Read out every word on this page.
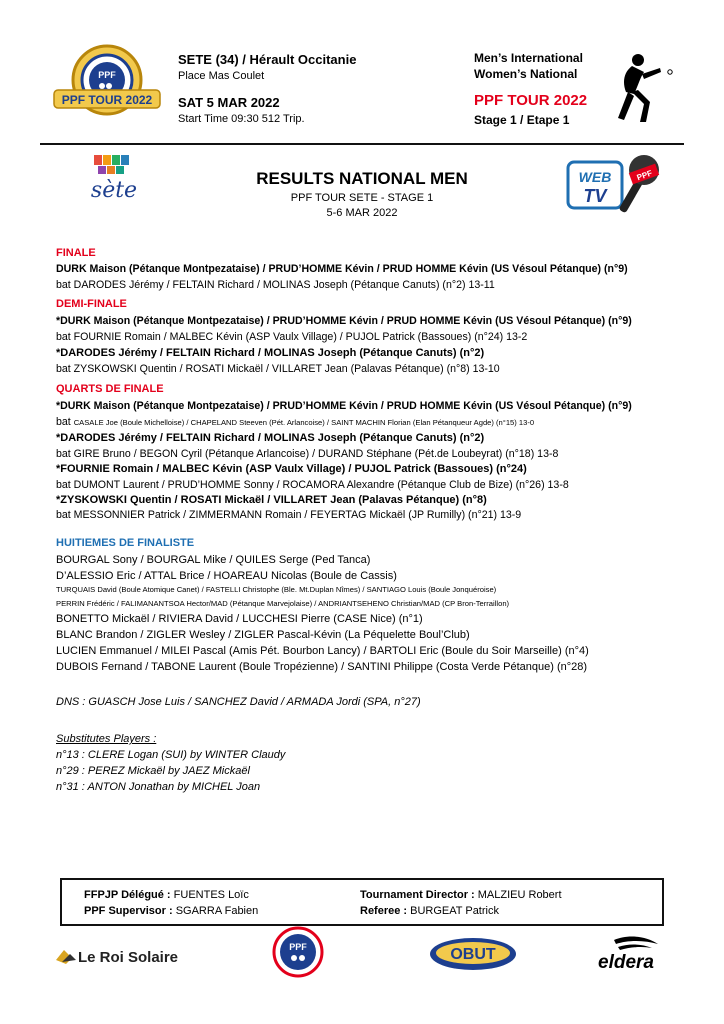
PPF
PPF TOUR 2022
SETE (34) / Hérault Occitanie
Place Mas Coulet
SAT 5 MAR 2022
Start Time 09:30 512 Trip.
Men’s International
Women’s National
PPF TOUR 2022
Stage 1 / Etape 1
sète	RESULTS NATIONAL MEN
PPF TOUR SETE - STAGE 1
5-6 MAR 2022
WEB
TV
PPF
FINALE
DURK Maison (Pétanque Montpezataise) / PRUD’HOMME Kévin / PRUD HOMME Kévin (US Vésoul Pétanque) (n°9)
bat DARODES Jérémy / FELTAIN Richard / MOLINAS Joseph (Pétanque Canuts) (n°2) 13-11
DEMI-FINALE
*DURK Maison (Pétanque Montpezataise) / PRUD’HOMME Kévin / PRUD HOMME Kévin (US Vésoul Pétanque) (n°9)
bat FOURNIE Romain / MALBEC Kévin (ASP Vaulx Village) / PUJOL Patrick (Bassoues) (n°24) 13-2
*DARODES Jérémy / FELTAIN Richard / MOLINAS Joseph (Pétanque Canuts) (n°2)
bat ZYSKOWSKI Quentin / ROSATI Mickaël / VILLARET Jean (Palavas Pétanque) (n°8) 13-10
QUARTS DE FINALE
*DURK Maison (Pétanque Montpezataise) / PRUD’HOMME Kévin / PRUD HOMME Kévin (US Vésoul Pétanque) (n°9)
bat CASALE Joe (Boule Michelloise) / CHAPELAND Steeven (Pét. Arlancoise) / SAINT MACHIN Florian (Elan Pétanqueur Agde) (n°15) 13-0
*DARODES Jérémy / FELTAIN Richard / MOLINAS Joseph (Pétanque Canuts) (n°2)
bat GIRE Bruno / BEGON Cyril (Pétanque Arlancoise) / DURAND Stéphane (Pét.de Loubeyrat) (n°18) 13-8
*FOURNIE Romain / MALBEC Kévin (ASP Vaulx Village) / PUJOL Patrick (Bassoues) (n°24)
bat DUMONT Laurent / PRUD’HOMME Sonny / ROCAMORA Alexandre (Pétanque Club de Bize) (n°26) 13-8
*ZYSKOWSKI Quentin / ROSATI Mickaël / VILLARET Jean (Palavas Pétanque) (n°8)
bat MESSONNIER Patrick / ZIMMERMANN Romain / FEYERTAG Mickaël (JP Rumilly) (n°21) 13-9
HUITIEMES DE FINALISTE
BOURGAL Sony / BOURGAL Mike / QUILES Serge (Ped Tanca)
D’ALESSIO Eric / ATTAL Brice / HOAREAU Nicolas (Boule de Cassis)
TURQUAIS David (Boule Atomique Canet) / FASTELLI Christophe (Ble. Mt.Duplan Nîmes) / SANTIAGO Louis (Boule Jonquéroise)
PERRIN Frédéric / FALIMANANTSOA Hector/MAD (Pétanque Marvejolaise) / ANDRIANTSEHENO Christian/MAD (CP Bron-Terraillon)
BONETTO Mickaël / RIVIERA David / LUCCHESI Pierre (CASE Nice) (n°1)
BLANC Brandon / ZIGLER Wesley / ZIGLER Pascal-Kévin (La Péquelette Boul’Club)
LUCIEN Emmanuel / MILEI Pascal (Amis Pét. Bourbon Lancy) / BARTOLI Eric (Boule du Soir Marseille) (n°4)
DUBOIS Fernand / TABONE Laurent (Boule Tropézienne) / SANTINI Philippe (Costa Verde Pétanque) (n°28)
DNS : GUASCH Jose Luis / SANCHEZ David / ARMADA Jordi (SPA, n°27)
Substitutes Players :
n°13 : CLERE Logan (SUI) by WINTER Claudy
n°29 : PEREZ Mickaël by JAEZ Mickaël
n°31 : ANTON Jonathan by MICHEL Joan
FFPJP Délégué : FUENTES Loïc
PPF Supervisor : SGARRA Fabien
Tournament Director : MALZIEU Robert
Referee : BURGEAT Patrick
Le Roi Solaire
PPF	OBUT	eldera
